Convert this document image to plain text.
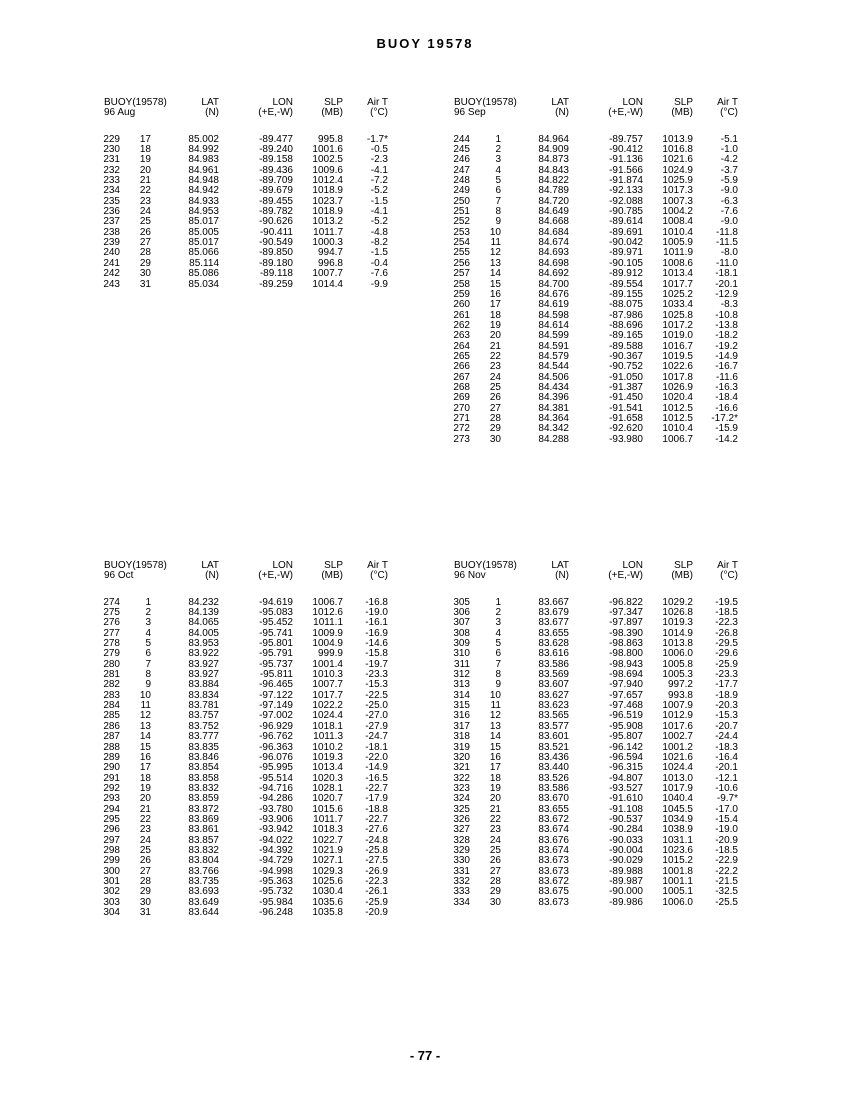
BUOY 19578
BUOY(19578)	LAT	LON	SLP	Air T
96 Aug	(N)	(+E,-W)	(MB)	(°C)
229	17	85.002	-89.477	995.8	-1.7*
230	18	84.992	-89.240	1001.6	-0.5
231	19	84.983	-89.158	1002.5	-2.3
232	20	84.961	-89.436	1009.6	-4.1
233	21	84.948	-89.709	1012.4	-7.2
234	22	84.942	-89.679	1018.9	-5.2
235	23	84.933	-89.455	1023.7	-1.5
236	24	84.953	-89.782	1018.9	-4.1
237	25	85.017	-90.626	1013.2	-5.2
238	26	85.005	-90.411	1011.7	-4.8
239	27	85.017	-90.549	1000.3	-8.2
240	28	85.066	-89.850	994.7	-1.5
241	29	85.114	-89.180	996.8	-0.4
242	30	85.086	-89.118	1007.7	-7.6
243	31	85.034	-89.259	1014.4	-9.9
BUOY(19578)	LAT	LON	SLP	Air T
96 Sep	(N)	(+E,-W)	(MB)	(°C)
244	1	84.964	-89.757	1013.9	-5.1
245	2	84.909	-90.412	1016.8	-1.0
246	3	84.873	-91.136	1021.6	-4.2
247	4	84.843	-91.566	1024.9	-3.7
248	5	84.822	-91.874	1025.9	-5.9
249	6	84.789	-92.133	1017.3	-9.0
250	7	84.720	-92.088	1007.3	-6.3
251	8	84.649	-90.785	1004.2	-7.6
252	9	84.668	-89.614	1008.4	-9.0
253	10	84.684	-89.691	1010.4	-11.8
254	11	84.674	-90.042	1005.9	-11.5
255	12	84.693	-89.971	1011.9	-8.0
256	13	84.698	-90.105	1008.6	-11.0
257	14	84.692	-89.912	1013.4	-18.1
258	15	84.700	-89.554	1017.7	-20.1
259	16	84.676	-89.155	1025.2	-12.9
260	17	84.619	-88.075	1033.4	-8.3
261	18	84.598	-87.986	1025.8	-10.8
262	19	84.614	-88.696	1017.2	-13.8
263	20	84.599	-89.165	1019.0	-18.2
264	21	84.591	-89.588	1016.7	-19.2
265	22	84.579	-90.367	1019.5	-14.9
266	23	84.544	-90.752	1022.6	-16.7
267	24	84.506	-91.050	1017.8	-11.6
268	25	84.434	-91.387	1026.9	-16.3
269	26	84.396	-91.450	1020.4	-18.4
270	27	84.381	-91.541	1012.5	-16.6
271	28	84.364	-91.658	1012.5	-17.2*
272	29	84.342	-92.620	1010.4	-15.9
273	30	84.288	-93.980	1006.7	-14.2
BUOY(19578)	LAT	LON	SLP	Air T
96 Oct	(N)	(+E,-W)	(MB)	(°C)
274	1	84.232	-94.619	1006.7	-16.8
275	2	84.139	-95.083	1012.6	-19.0
276	3	84.065	-95.452	1011.1	-16.1
277	4	84.005	-95.741	1009.9	-16.9
278	5	83.953	-95.801	1004.9	-14.6
279	6	83.922	-95.791	999.9	-15.8
280	7	83.927	-95.737	1001.4	-19.7
281	8	83.927	-95.811	1010.3	-23.3
282	9	83.884	-96.465	1007.7	-15.3
283	10	83.834	-97.122	1017.7	-22.5
284	11	83.781	-97.149	1022.2	-25.0
285	12	83.757	-97.002	1024.4	-27.0
286	13	83.752	-96.929	1018.1	-27.9
287	14	83.777	-96.762	1011.3	-24.7
288	15	83.835	-96.363	1010.2	-18.1
289	16	83.846	-96.076	1019.3	-22.0
290	17	83.854	-95.995	1013.4	-14.9
291	18	83.858	-95.514	1020.3	-16.5
292	19	83.832	-94.716	1028.1	-22.7
293	20	83.859	-94.286	1020.7	-17.9
294	21	83.872	-93.780	1015.6	-18.8
295	22	83.869	-93.906	1011.7	-22.7
296	23	83.861	-93.942	1018.3	-27.6
297	24	83.857	-94.022	1022.7	-24.8
298	25	83.832	-94.392	1021.9	-25.8
299	26	83.804	-94.729	1027.1	-27.5
300	27	83.766	-94.998	1029.3	-26.9
301	28	83.735	-95.363	1025.6	-22.3
302	29	83.693	-95.732	1030.4	-26.1
303	30	83.649	-95.984	1035.6	-25.9
304	31	83.644	-96.248	1035.8	-20.9
BUOY(19578)	LAT	LON	SLP	Air T
96 Nov	(N)	(+E,-W)	(MB)	(°C)
305	1	83.667	-96.822	1029.2	-19.5
306	2	83.679	-97.347	1026.8	-18.5
307	3	83.677	-97.897	1019.3	-22.3
308	4	83.655	-98.390	1014.9	-26.8
309	5	83.628	-98.863	1013.8	-29.5
310	6	83.616	-98.800	1006.0	-29.6
311	7	83.586	-98.943	1005.8	-25.9
312	8	83.569	-98.694	1005.3	-23.3
313	9	83.607	-97.940	997.2	-17.7
314	10	83.627	-97.657	993.8	-18.9
315	11	83.623	-97.468	1007.9	-20.3
316	12	83.565	-96.519	1012.9	-15.3
317	13	83.577	-95.908	1017.6	-20.7
318	14	83.601	-95.807	1002.7	-24.4
319	15	83.521	-96.142	1001.2	-18.3
320	16	83.436	-96.594	1021.6	-16.4
321	17	83.440	-96.315	1024.4	-20.1
322	18	83.526	-94.807	1013.0	-12.1
323	19	83.586	-93.527	1017.9	-10.6
324	20	83.670	-91.610	1040.4	-9.7*
325	21	83.655	-91.108	1045.5	-17.0
326	22	83.672	-90.537	1034.9	-15.4
327	23	83.674	-90.284	1038.9	-19.0
328	24	83.676	-90.033	1031.1	-20.9
329	25	83.674	-90.004	1023.6	-18.5
330	26	83.673	-90.029	1015.2	-22.9
331	27	83.673	-89.988	1001.8	-22.2
332	28	83.672	-89.987	1001.1	-21.5
333	29	83.675	-90.000	1005.1	-32.5
334	30	83.673	-89.986	1006.0	-25.5
- 77 -
